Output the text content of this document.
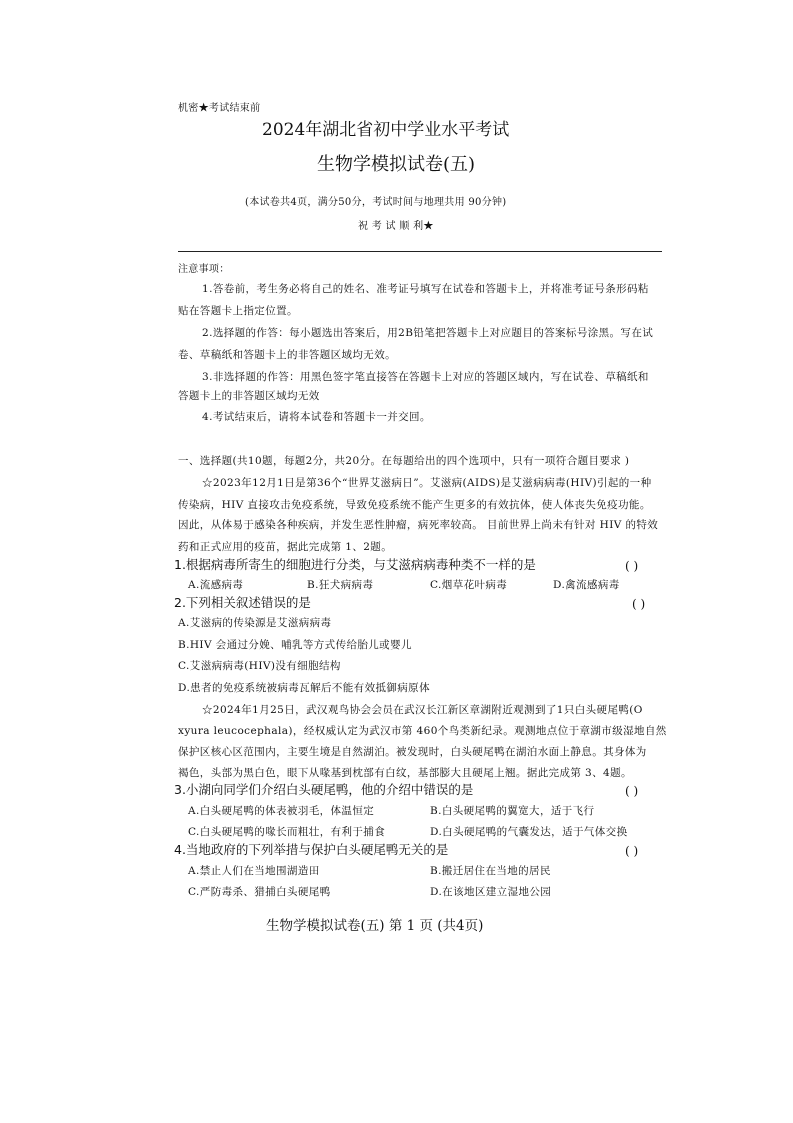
机密★考试结束前
2024年湖北省初中学业水平考试
生物学模拟试卷(五)
(本试卷共4页，满分50分，考试时间与地理共用 90分钟)
祝 考 试 顺 利★
注意事项：
1.答卷前，考生务必将自己的姓名、准考证号填写在试卷和答题卡上，并将准考证号条形码粘
贴在答题卡上指定位置。
2.选择题的作答：每小题选出答案后，用2B铅笔把答题卡上对应题目的答案标号涂黑。写在试
卷、草稿纸和答题卡上的非答题区域均无效。
3.非选择题的作答：用黑色签字笔直接答在答题卡上对应的答题区域内，写在试卷、草稿纸和
答题卡上的非答题区域均无效
4.考试结束后，请将本试卷和答题卡一并交回。
一、选择题(共10题，每题2分，共20分。在每题给出的四个选项中，只有一项符合题目要求 )
☆2023年12月1日是第36个“世界艾滋病日”。艾滋病(AIDS)是艾滋病病毒(HIV)引起的一种
传染病，HIV 直接攻击免疫系统，导致免疫系统不能产生更多的有效抗体，使人体丧失免疫功能。
因此，从体易于感染各种疾病，并发生恶性肿瘤，病死率较高。 目前世界上尚未有针对 HIV 的特效
药和正式应用的疫苗，据此完成第 1、2题。
1.根据病毒所寄生的细胞进行分类，与艾滋病病毒种类不一样的是	( )
A.流感病毒	B.狂犬病病毒	C.烟草花叶病毒	D.禽流感病毒
2.下列相关叙述错误的是	( )
A.艾滋病的传染源是艾滋病病毒
B.HIV 会通过分娩、哺乳等方式传给胎儿或婴儿
C.艾滋病病毒(HIV)没有细胞结构
D.患者的免疫系统被病毒瓦解后不能有效抵御病原体
☆2024年1月25日，武汉观鸟协会会员在武汉长江新区章湖附近观测到了1只白头硬尾鸭(O
xyura leucocephala)，经权威认定为武汉市第 460个鸟类新纪录。观测地点位于章湖市级湿地自然
保护区核心区范围内，主要生境是自然湖泊。被发现时，白头硬尾鸭在湖泊水面上静息。其身体为
褐色，头部为黑白色，眼下从喙基到枕部有白纹，基部膨大且硬尾上翘。据此完成第 3、4题。
3.小湖向同学们介绍白头硬尾鸭，他的介绍中错误的是	( )
A.白头硬尾鸭的体表被羽毛，体温恒定	B.白头硬尾鸭的翼宽大，适于飞行
C.白头硬尾鸭的喙长而粗壮，有利于捕食	D.白头硬尾鸭的气囊发达，适于气体交换
4.当地政府的下列举措与保护白头硬尾鸭无关的是	( )
A.禁止人们在当地围湖造田	B.搬迁居住在当地的居民
C.严防毒杀、猎捕白头硬尾鸭	D.在该地区建立湿地公园
生物学模拟试卷(五) 第 1 页 (共4页)
